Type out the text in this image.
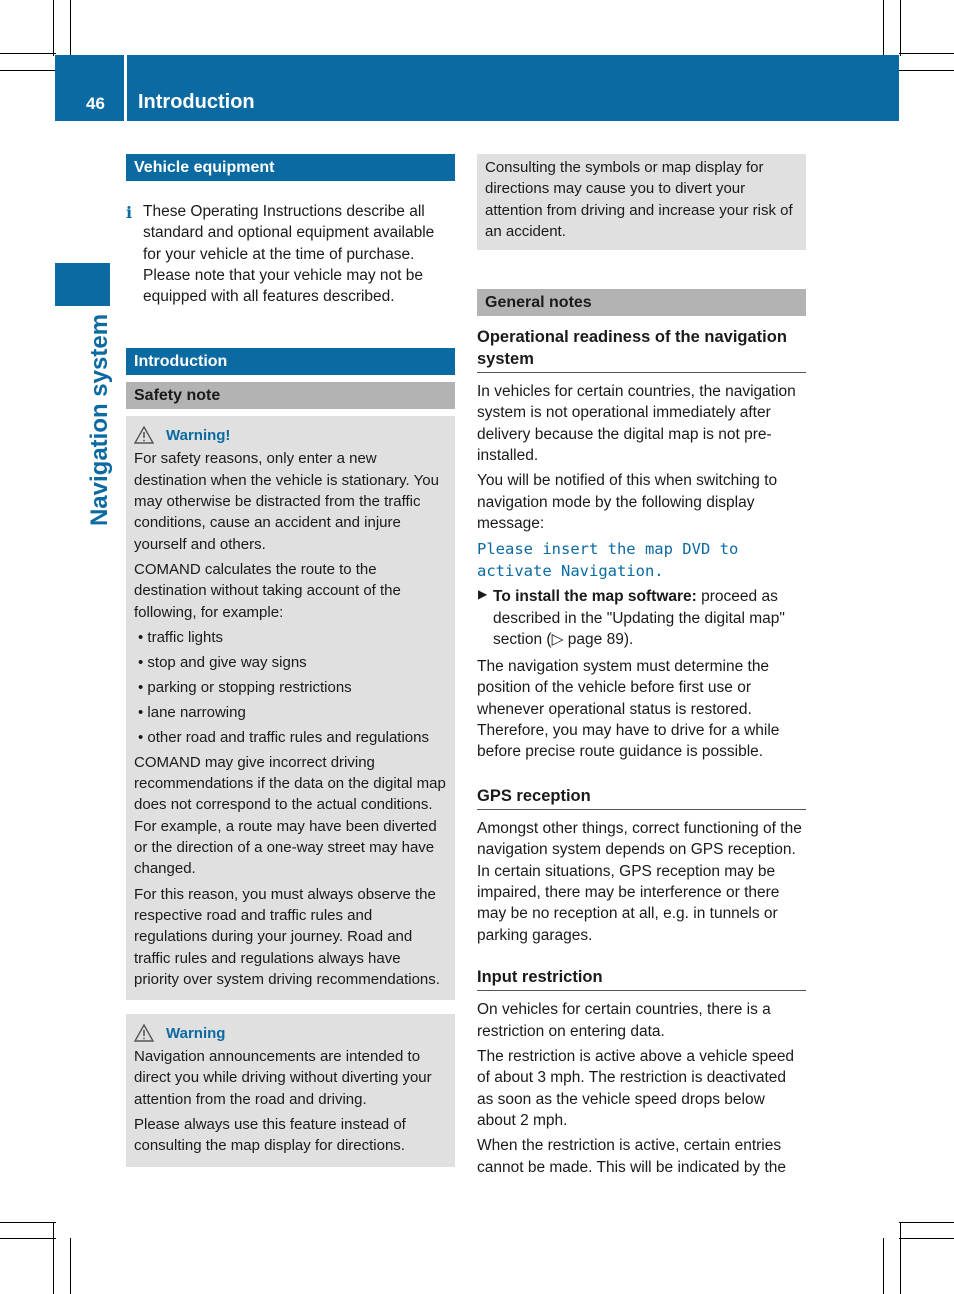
46 Introduction
Navigation system
Vehicle equipment
i These Operating Instructions describe all standard and optional equipment available for your vehicle at the time of purchase. Please note that your vehicle may not be equipped with all features described.

Introduction
Safety note
Warning!

For safety reasons, only enter a new destination when the vehicle is stationary. You may otherwise be distracted from the traffic conditions, cause an accident and injure yourself and others.

COMAND calculates the route to the destination without taking account of the following, for example:

• traffic lights
• stop and give way signs
• parking or stopping restrictions
• lane narrowing
• other road and traffic rules and regulations

COMAND may give incorrect driving recommendations if the data on the digital map does not correspond to the actual conditions. For example, a route may have been diverted or the direction of a one-way street may have changed.

For this reason, you must always observe the respective road and traffic rules and regulations during your journey. Road and traffic rules and regulations always have priority over system driving recommendations.

Warning

Navigation announcements are intended to direct you while driving without diverting your attention from the road and driving.

Please always use this feature instead of consulting the map display for directions.

Consulting the symbols or map display for directions may cause you to divert your attention from driving and increase your risk of an accident.

General notes
Operational readiness of the navigation system

In vehicles for certain countries, the navigation system is not operational immediately after delivery because the digital map is not pre-installed.

You will be notified of this when switching to navigation mode by the following display message:

Please insert the map DVD to
activate Navigation.
▶ To install the map software: proceed as described in the "Updating the digital map" section (▷ page 89).

The navigation system must determine the position of the vehicle before first use or whenever operational status is restored. Therefore, you may have to drive for a while before precise route guidance is possible.

GPS reception

Amongst other things, correct functioning of the navigation system depends on GPS reception. In certain situations, GPS reception may be impaired, there may be interference or there may be no reception at all, e.g. in tunnels or parking garages.

Input restriction

On vehicles for certain countries, there is a restriction on entering data.

The restriction is active above a vehicle speed of about 3 mph. The restriction is deactivated as soon as the vehicle speed drops below about 2 mph.

When the restriction is active, certain entries cannot be made. This will be indicated by the
